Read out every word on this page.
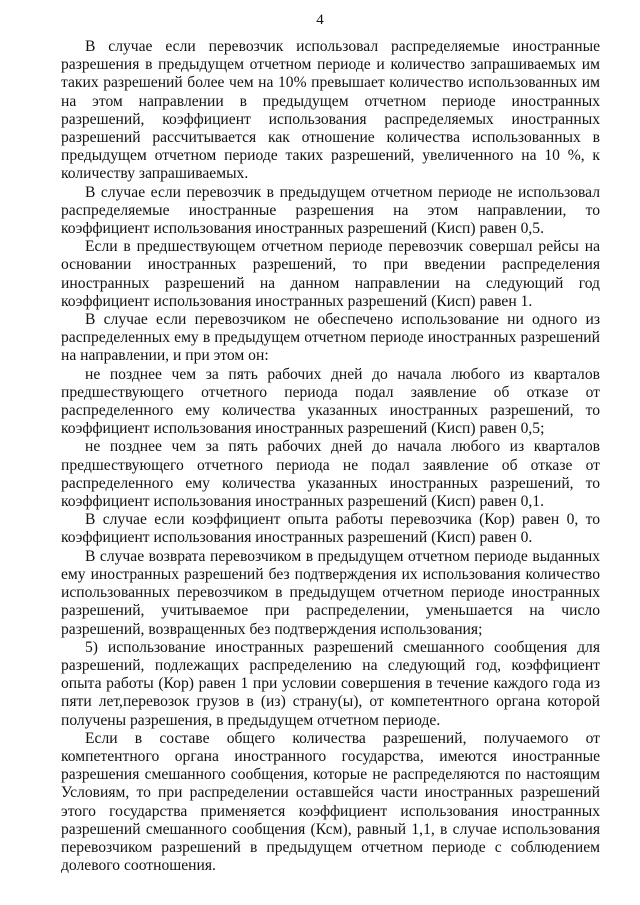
4

В случае если перевозчик использовал распределяемые иностранные разрешения в предыдущем отчетном периоде и количество запрашиваемых им таких разрешений более чем на 10% превышает количество использованных им на этом направлении в предыдущем отчетном периоде иностранных разрешений, коэффициент использования распределяемых иностранных разрешений рассчитывается как отношение количества использованных в предыдущем отчетном периоде таких разрешений, увеличенного на 10 %, к количеству запрашиваемых.

В случае если перевозчик в предыдущем отчетном периоде не использовал распределяемые иностранные разрешения на этом направлении, то коэффициент использования иностранных разрешений (Кисп) равен 0,5.

Если в предшествующем отчетном периоде перевозчик совершал рейсы на основании иностранных разрешений, то при введении распределения иностранных разрешений на данном направлении на следующий год коэффициент использования иностранных разрешений (Кисп) равен 1.

В случае если перевозчиком не обеспечено использование ни одного из распределенных ему в предыдущем отчетном периоде иностранных разрешений на направлении, и при этом он:

не позднее чем за пять рабочих дней до начала любого из кварталов предшествующего отчетного периода подал заявление об отказе от распределенного ему количества указанных иностранных разрешений, то коэффициент использования иностранных разрешений (Кисп) равен 0,5;

не позднее чем за пять рабочих дней до начала любого из кварталов предшествующего отчетного периода не подал заявление об отказе от распределенного ему количества указанных иностранных разрешений, то коэффициент использования иностранных разрешений (Кисп) равен 0,1.

В случае если коэффициент опыта работы перевозчика (Кор) равен 0, то коэффициент использования иностранных разрешений (Кисп) равен 0.

В случае возврата перевозчиком в предыдущем отчетном периоде выданных ему иностранных разрешений без подтверждения их использования количество использованных перевозчиком в предыдущем отчетном периоде иностранных разрешений, учитываемое при распределении, уменьшается на число разрешений, возвращенных без подтверждения использования;

5) использование иностранных разрешений смешанного сообщения для разрешений, подлежащих распределению на следующий год, коэффициент опыта работы (Кор) равен 1 при условии совершения в течение каждого года из пяти лет,перевозок грузов в (из) страну(ы), от компетентного органа которой получены разрешения, в предыдущем отчетном периоде.

Если в составе общего количества разрешений, получаемого от компетентного органа иностранного государства, имеются иностранные разрешения смешанного сообщения, которые не распределяются по настоящим Условиям, то при распределении оставшейся части иностранных разрешений этого государства применяется коэффициент использования иностранных разрешений смешанного сообщения (Ксм), равный 1,1, в случае использования перевозчиком разрешений в предыдущем отчетном периоде с соблюдением долевого соотношения.
